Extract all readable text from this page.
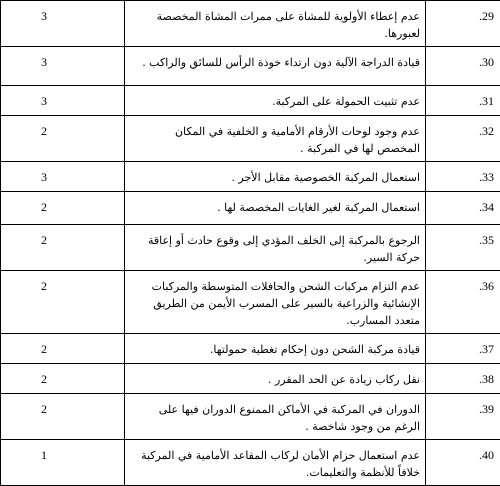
3	عدم إعطاء الأولوية للمشاة على ممرات المشاة المخصصة لعبورها.	29.

3	قيادة الدراجة الآلية دون ارتداء خوذة الرأس للسائق والراكب .	30.

3	عدم تثبيت الحمولة على المركبة.	31.

2	عدم وجود لوحات الأرقام الأمامية و الخلفية في المكان المخصص لها في المركبة .	32.

3	استعمال المركبة الخصوصية مقابل الأجر .	33.

2	استعمال المركبة لغير الغايات المخصصة لها .	34.

2	الرجوع بالمركبة إلى الخلف المؤدي إلى وقوع حادث أو إعاقة حركة السير.	35.

2	عدم التزام مركبات الشحن والحافلات المتوسطة والمركبات الإنشائية والزراعية بالسير على المسرب الأيمن من الطريق متعدد المسارب.	36.

2	قيادة مركبة الشحن دون إحكام تغطية حمولتها.	37.

2	نقل ركاب زيادة عن الحد المقرر .	38.

2	الدوران في المركبة في الأماكن الممنوع الدوران فيها على الرغم من وجود شاخصة .	39.

1	عدم استعمال حزام الأمان لركاب المقاعد الأمامية في المركبة خلافاً للأنظمة والتعليمات.	40.
